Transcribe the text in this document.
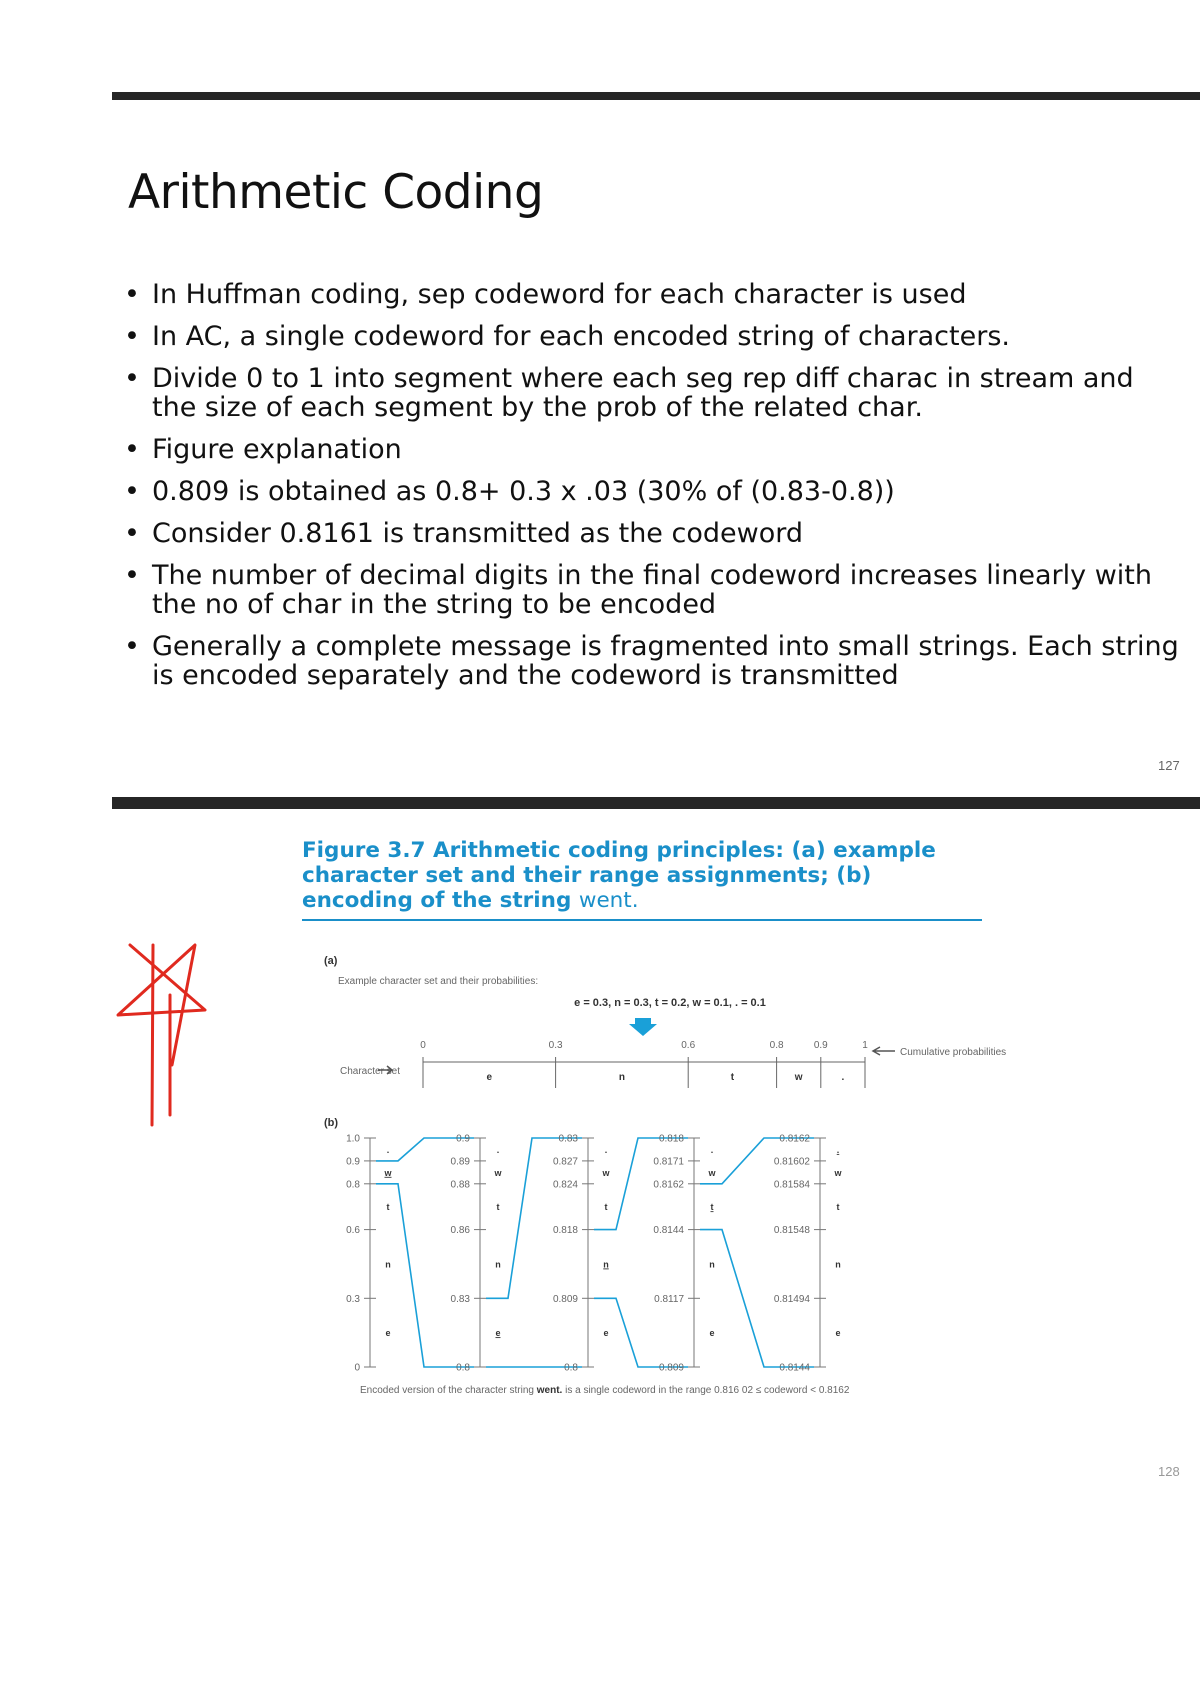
Arithmetic Coding
• In Huffman coding, sep codeword for each character is used
• In AC, a single codeword for each encoded string of characters.
• Divide 0 to 1 into segment where each seg rep diff charac in stream and the size of each segment by the prob of the related char.
• Figure explanation
• 0.809 is obtained as 0.8+ 0.3 x .03 (30% of (0.83-0.8))
• Consider 0.8161 is transmitted as the codeword
• The number of decimal digits in the final codeword increases linearly with the no of char in the string to be encoded
• Generally a complete message is fragmented into small strings. Each string is encoded separately and the codeword is transmitted
127
Figure 3.7 Arithmetic coding principles: (a) example character set and their range assignments; (b) encoding of the string went.
(a)
Example character set and their probabilities:
e = 0.3, n = 0.3, t = 0.2, w = 0.1, . = 0.1
Character set
Cumulative probabilities
0	0.3	0.6	0.8	0.9	1
e	n	t	w	.
(b)
1.0
0.9
0.8
0.6
0.3
0
.
w
t
n
e
0.9
0.89
0.88
0.86
0.83
0.8
.
w
t
n
e
0.83
0.827
0.824
0.818
0.809
0.8
.
w
t
n
e
0.818
0.8171
0.8162
0.8144
0.8117
0.809
.
w
t
n
e
0.8162
0.81602
0.81584
0.81548
0.81494
0.8144
.
w
t
n
e
Encoded version of the character string went. is a single codeword in the range 0.816 02 ≤ codeword < 0.8162
128
